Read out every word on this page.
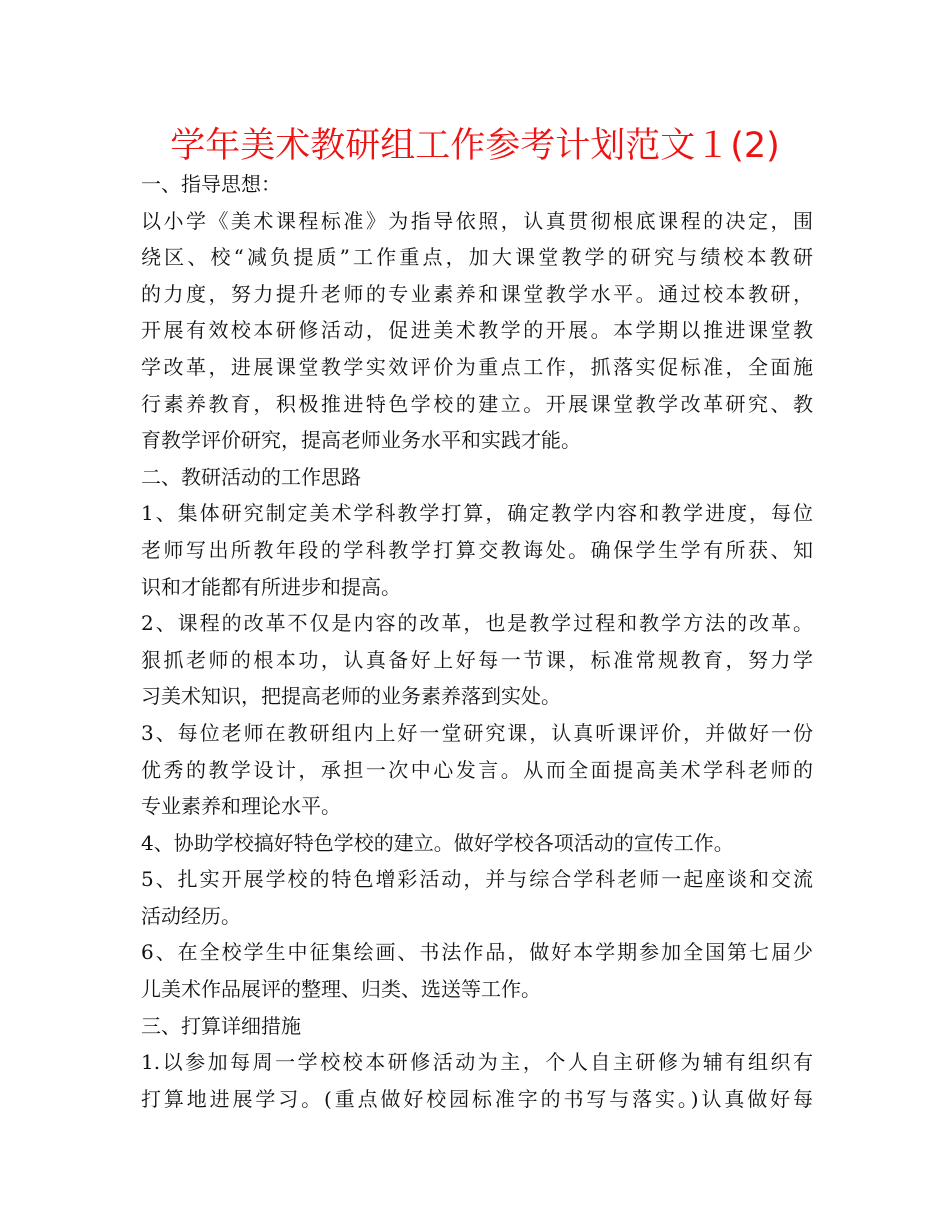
学年美术教研组工作参考计划范文１(2)
一、指导思想：
以小学《美术课程标准》为指导依照，认真贯彻根底课程的决定，围
绕区、校“减负提质”工作重点，加大课堂教学的研究与绩校本教研
的力度，努力提升老师的专业素养和课堂教学水平。通过校本教研，
开展有效校本研修活动，促进美术教学的开展。本学期以推进课堂教
学改革，进展课堂教学实效评价为重点工作，抓落实促标准，全面施
行素养教育，积极推进特色学校的建立。开展课堂教学改革研究、教
育教学评价研究，提高老师业务水平和实践才能。
二、教研活动的工作思路
1、集体研究制定美术学科教学打算，确定教学内容和教学进度，每位
老师写出所教年段的学科教学打算交教诲处。确保学生学有所获、知
识和才能都有所进步和提高。
2、课程的改革不仅是内容的改革，也是教学过程和教学方法的改革。
狠抓老师的根本功，认真备好上好每一节课，标准常规教育，努力学
习美术知识，把提高老师的业务素养落到实处。
3、每位老师在教研组内上好一堂研究课，认真听课评价，并做好一份
优秀的教学设计，承担一次中心发言。从而全面提高美术学科老师的
专业素养和理论水平。
4、协助学校搞好特色学校的建立。做好学校各项活动的宣传工作。
5、扎实开展学校的特色增彩活动，并与综合学科老师一起座谈和交流
活动经历。
6、在全校学生中征集绘画、书法作品，做好本学期参加全国第七届少
儿美术作品展评的整理、归类、选送等工作。
三、打算详细措施
1.以参加每周一学校校本研修活动为主，个人自主研修为辅有组织有
打算地进展学习。(重点做好校园标准字的书写与落实。)认真做好每
